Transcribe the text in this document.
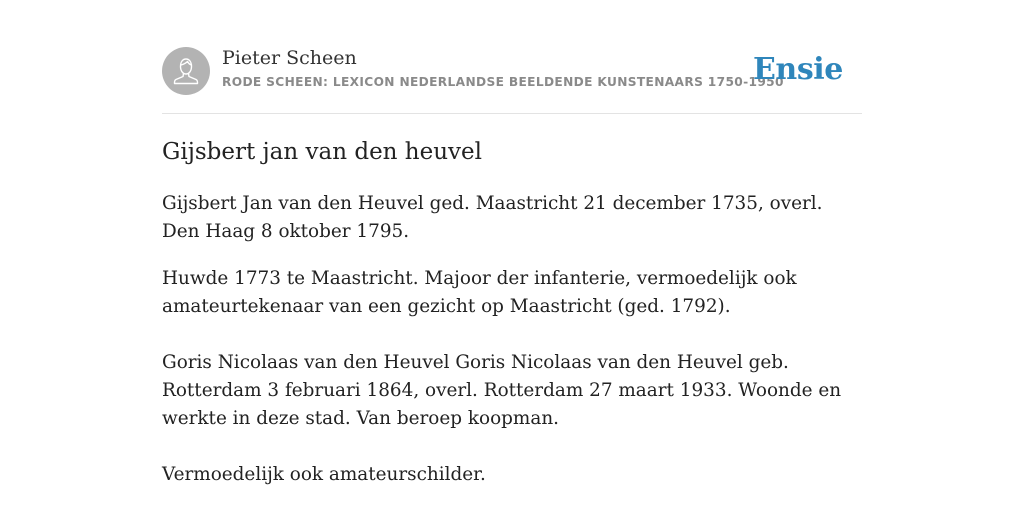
Pieter Scheen
RODE SCHEEN: LEXICON NEDERLANDSE BEELDENDE KUNSTENAARS 1750-1950
Ensie
Gijsbert jan van den heuvel

Gijsbert Jan van den Heuvel ged. Maastricht 21 december 1735, overl. Den Haag 8 oktober 1795.

Huwde 1773 te Maastricht. Majoor der infanterie, vermoedelijk ook amateurtekenaar van een gezicht op Maastricht (ged. 1792).

Goris Nicolaas van den Heuvel Goris Nicolaas van den Heuvel geb. Rotterdam 3 februari 1864, overl. Rotterdam 27 maart 1933. Woonde en werkte in deze stad. Van beroep koopman.

Vermoedelijk ook amateurschilder.
